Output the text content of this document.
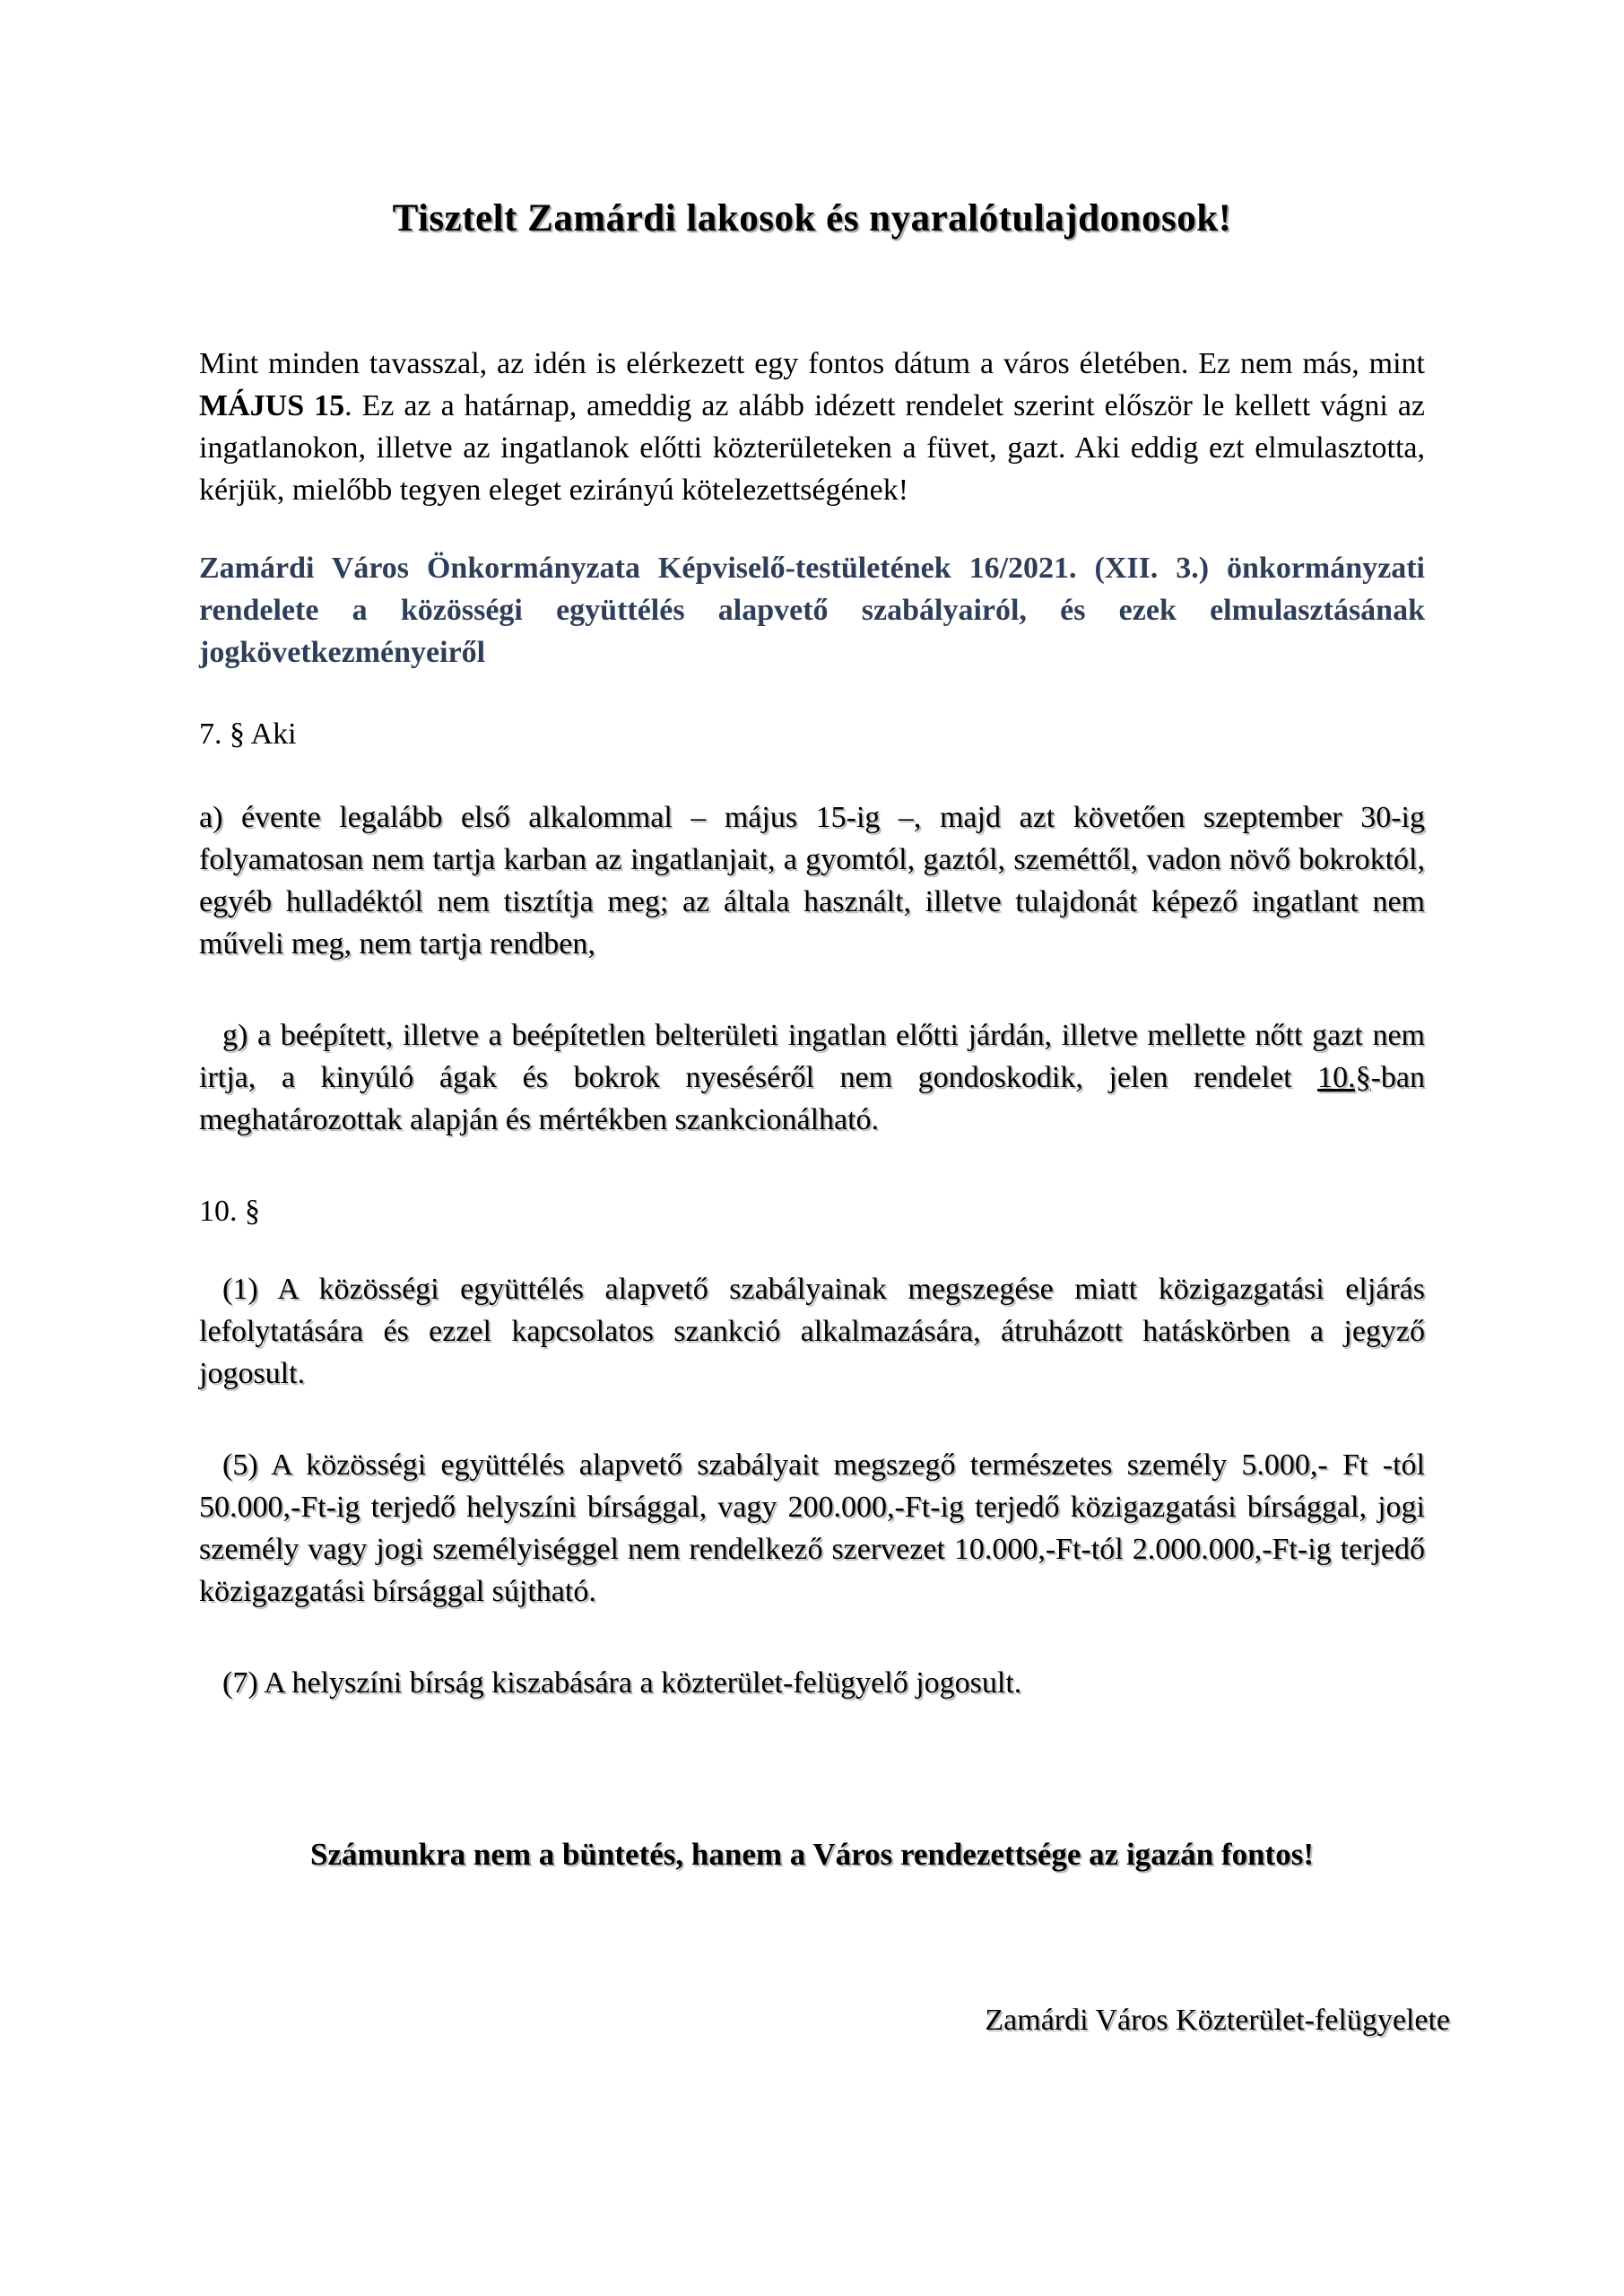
Tisztelt Zamárdi lakosok és nyaralótulajdonosok!

Mint minden tavasszal, az idén is elérkezett egy fontos dátum a város életében. Ez nem más, mint MÁJUS 15. Ez az a határnap, ameddig az alább idézett rendelet szerint először le kellett vágni az ingatlanokon, illetve az ingatlanok előtti közterületeken a füvet, gazt. Aki eddig ezt elmulasztotta, kérjük, mielőbb tegyen eleget ezirányú kötelezettségének!

Zamárdi Város Önkormányzata Képviselő-testületének 16/2021. (XII. 3.) önkormányzati rendelete a közösségi együttélés alapvető szabályairól, és ezek elmulasztásának jogkövetkezményeiről

7. § Aki

a) évente legalább első alkalommal – május 15-ig –, majd azt követően szeptember 30-ig folyamatosan nem tartja karban az ingatlanjait, a gyomtól, gaztól, szeméttől, vadon növő bokroktól, egyéb hulladéktól nem tisztítja meg; az általa használt, illetve tulajdonát képező ingatlant nem műveli meg, nem tartja rendben,

g) a beépített, illetve a beépítetlen belterületi ingatlan előtti járdán, illetve mellette nőtt gazt nem irtja, a kinyúló ágak és bokrok nyeséséről nem gondoskodik, jelen rendelet 10.§-ban meghatározottak alapján és mértékben szankcionálható.

10. §

(1) A közösségi együttélés alapvető szabályainak megszegése miatt közigazgatási eljárás lefolytatására és ezzel kapcsolatos szankció alkalmazására, átruházott hatáskörben a jegyző jogosult.

(5) A közösségi együttélés alapvető szabályait megszegő természetes személy 5.000,- Ft -tól 50.000,-Ft-ig terjedő helyszíni bírsággal, vagy 200.000,-Ft-ig terjedő közigazgatási bírsággal, jogi személy vagy jogi személyiséggel nem rendelkező szervezet 10.000,-Ft-tól 2.000.000,-Ft-ig terjedő közigazgatási bírsággal sújtható.

(7) A helyszíni bírság kiszabására a közterület-felügyelő jogosult.

Számunkra nem a büntetés, hanem a Város rendezettsége az igazán fontos!

Zamárdi Város Közterület-felügyelete
